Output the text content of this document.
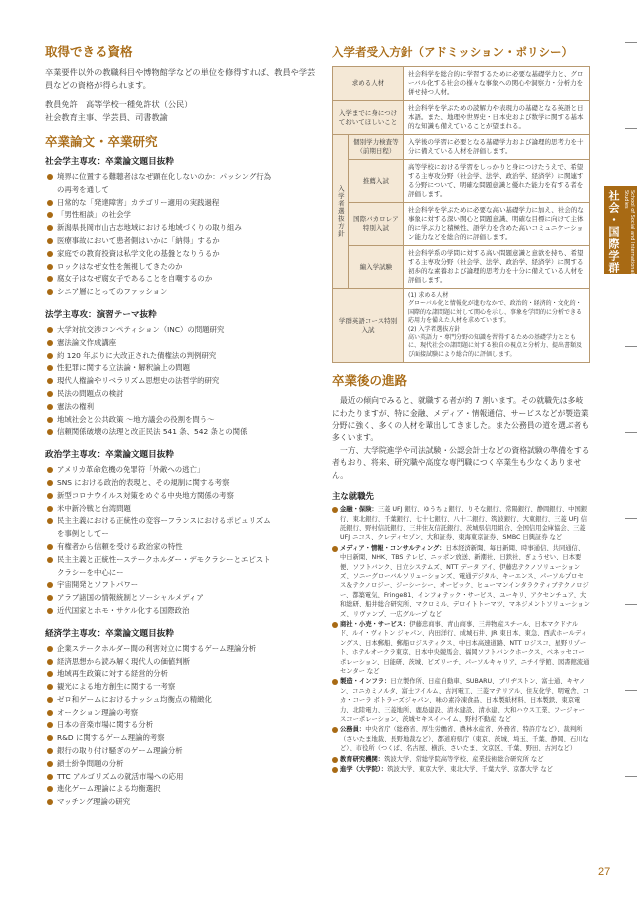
取得できる資格

卒業要件以外の教職科目や博物館学などの単位を修得すれば、教員や学芸員などの資格が得られます。

教員免許　高等学校一種免許状（公民）
社会教育主事、学芸員、司書教諭

卒業論文・卒業研究
社会学主専攻：卒業論文題目抜粋
境界に位置する難聴者はなぜ顕在化しないのか：パッシング行為
の再考を通して
日常的な「発達障害」カテゴリー適用の実践過程
「男性相談」の社会学
新潟県長岡市山古志地域における地域づくりの取り組み
医療事故において患者側はいかに「納得」するか
家庭での教育投資は私学文化の基盤となりうるか
ロックはなぜ女性を無視してきたのか
腐女子はなぜ腐女子であることを自嘲するのか
シニア層にとってのファッション
法学主専攻：演習テーマ抜粋
大学対抗交渉コンペティション（INC）の問題研究
憲法論文作成講座
約 120 年ぶりに大改正された債権法の判例研究
性犯罪に関する立法論・解釈論上の問題
現代人権論やリベラリズム思想史の法哲学的研究
民法の問題点の検討
憲法の権利
地域社会と公共政策 ～地方議会の役割を問う～
信頼関係破壊の法理と改正民法 541 条、542 条との関係
政治学主専攻：卒業論文題目抜粋
アメリカ革命危機の免罪符「外敵への逃亡」
SNS における政治的表現と、その規制に関する考察
新型コロナウイルス対策をめぐる中央地方関係の考察
米中新冷戦と台湾問題
民主主義における正統性の変容ーフランスにおけるポピュリズム
を事例としてー
有権者から信頼を受ける政治家の特性
民主主義と正統性ーステークホルダー・デモクラシーとエピスト
クラシーを中心にー
宇宙開発とソフトパワー
アラブ諸国の情報統制とソーシャルメディア
近代国家とホモ・サケル化する国際政治
経済学主専攻：卒業論文題目抜粋
企業ステークホルダー間の利害対立に関するゲーム理論分析
経済思想から読み解く現代人の価値判断
地域再生政策に対する経営的分析
観光による地方創生に関する一考察
ゼロ和ゲームにおけるナッシュ均衡点の精緻化
オークション理論の考察
日本の音楽市場に関する分析
R&D に関するゲーム理論的考察
銀行の取り付け騒ぎのゲーム理論分析
鎖士紛争問題の分析
TTC アルゴリズムの就活市場への応用
進化ゲーム理論による均衡選択
マッチング理論の研究
入学者受入方針（アドミッション・ポリシー）
求める人材		社会科学を総合的に学習するために必要な基礎学力と、グローバル化する社会の様々な事象への関心や洞察力・分析力を併せ持つ人材。
入学までに身につけておいてほしいこと		社会科学を学ぶための読解力や表現力の基礎となる英語と日本語。また、地理や世界史・日本史および数学に関する基本的な知識も備えていることが望まれる。
入学者選抜方針	個別学力検査等（前期日程）	入学後の学習に必要となる基礎学力および論理的思考力を十分に備えている人材を評価します。
	推薦入試	高等学校における学習をしっかりと身につけたうえで、希望する主専攻分野（社会学、法学、政治学、経済学）に関連する分野について、明確な問題意識と優れた能力を有する者を評価します。
	国際バカロレア特別入試	社会科学を学ぶために必要な高い基礎学力に加え、社会的な事象に対する深い関心と問題意識、明確な目標に向けて主体的に学ぶ力と積極性、語学力を含めた高いコミュニケーション能力などを総合的に評価します。
	編入学試験	社会科学系の学問に対する高い問題意識と意欲を持ち、希望する主専攻分野（社会学、法学、政治学、経済学）に関する初歩的な素養および論理的思考力を十分に備えている人材を評価します。
学群英語コース特別入試		(1) 求める人材
グローバル化と情報化が進むなかで、政治的・経済的・文化的・国際的な諸問題に対して関心を示し、事象を学問的に分析できる応用力を備えた人材を求めています。
(2) 入学者選抜方針
高い英語力・専門分野の知識を習得するための基礎学力とともに、現代社会の諸問題に対する独自の視点と分析力、提出書類及び面接試験により総合的に評価します。
卒業後の進路

最近の傾向でみると、就職する者が約 7 割います。その就職先は多岐にわたりますが、特に金融、メディア・情報通信、サービスなどが製造業分野に強く、多くの人材を輩出してきました。また公務員の道を選ぶ者も多くいます。

一方、大学院進学や司法試験・公認会計士などの資格試験の準備をする者もおり、将来、研究職や高度な専門職につく卒業生も少なくありません。

主な就職先
金融・保険：三菱 UFJ 銀行、ゆうちょ銀行、りそな銀行、常陽銀行、静岡銀行、中国銀行、東北銀行、千葉銀行、七十七銀行、八十二銀行、筑波銀行、大東銀行、三菱 UFJ 信託銀行、野村信託銀行、三井住友信託銀行、茨城県信用組合、全国信用金庫協会、三菱 UFJ ニコス、クレディセゾン、大和証券、東海東京証券、SMBC 日興証券 など
メディア・情報・コンサルティング：日本経済新聞、毎日新聞、時事通信、共同通信、中日新聞、NHK、TBS テレビ、ニッポン放送、新潮社、日鉄社、ぎょうせい、日本要便、ソフトバンク、日立システムズ、NTT データ アイ、伊藤忠テクノソリューションズ、ソニーグローバルソリューションズ、電通デジタル、キーエンス、パーソルプロセス＆テクノロジー、ジーシーシー、オービック、ヒューマンインタラクティブテクノロジー、都築電気、Fringe81、インフォテック・サービス、ユーキリ、アクセンチュア、大和総研、船井総合研究所、マクロミル、デロイトトーマツ、マネジメントソリューションズ、リヴァンプ、一広グループ など
商社・小売・サービス：伊藤忠商事、青山商事、三井物産スチール、日本マクドナルド、ルイ・ヴィトン ジャパン、内田洋行、成城石井、JR 東日本、東急、西武ホールディングス、日本郵船、郵船ロジスティクス、中日本高速道路、NTT ロジスコ、星野リゾート、ホテルオークラ東京、日本中央競馬会、福岡ソフトバンクホークス、ベネッセコーポレーション、日能研、茨城、ピズリーチ、パーソルキャリア、ニチイ学館、図書館流通センター など
製造・インフラ：日立製作所、日産自動車、SUBARU、ブリヂストン、富士通、キヤノン、コニカミノルタ、富士フイルム、古河電工、三菱マテリアル、住友化学、明電舎、コカ・コーラ ボトラーズジャパン、味の素冷凍食品、日本製紙材料、日本製鉄、東京電力、北陸電力、三菱地所、鹿島建設、清水建設、清水建、大和ハウス工業、フージャースコーポレーション、茨城セキスイハイム、野村不動産 など
公務員：中央省庁（総務省、厚生労働省、農林水産省、外務省、特許庁など）、裁判所（さいたま地裁、長野地裁など）、都道府県庁（東京、茨城、埼玉、千葉、静岡、石川など）、市役所（つくば、名古屋、横浜、さいたま、文京区、千葉、野田、古河など）
教育研究機関：筑波大学、常総学院高等学校、産業技術総合研究所 など
進学（大学院）：筑波大学、東京大学、東北大学、千葉大学、京都大学 など
社会・国際学群	School of Social and International Studies
27
